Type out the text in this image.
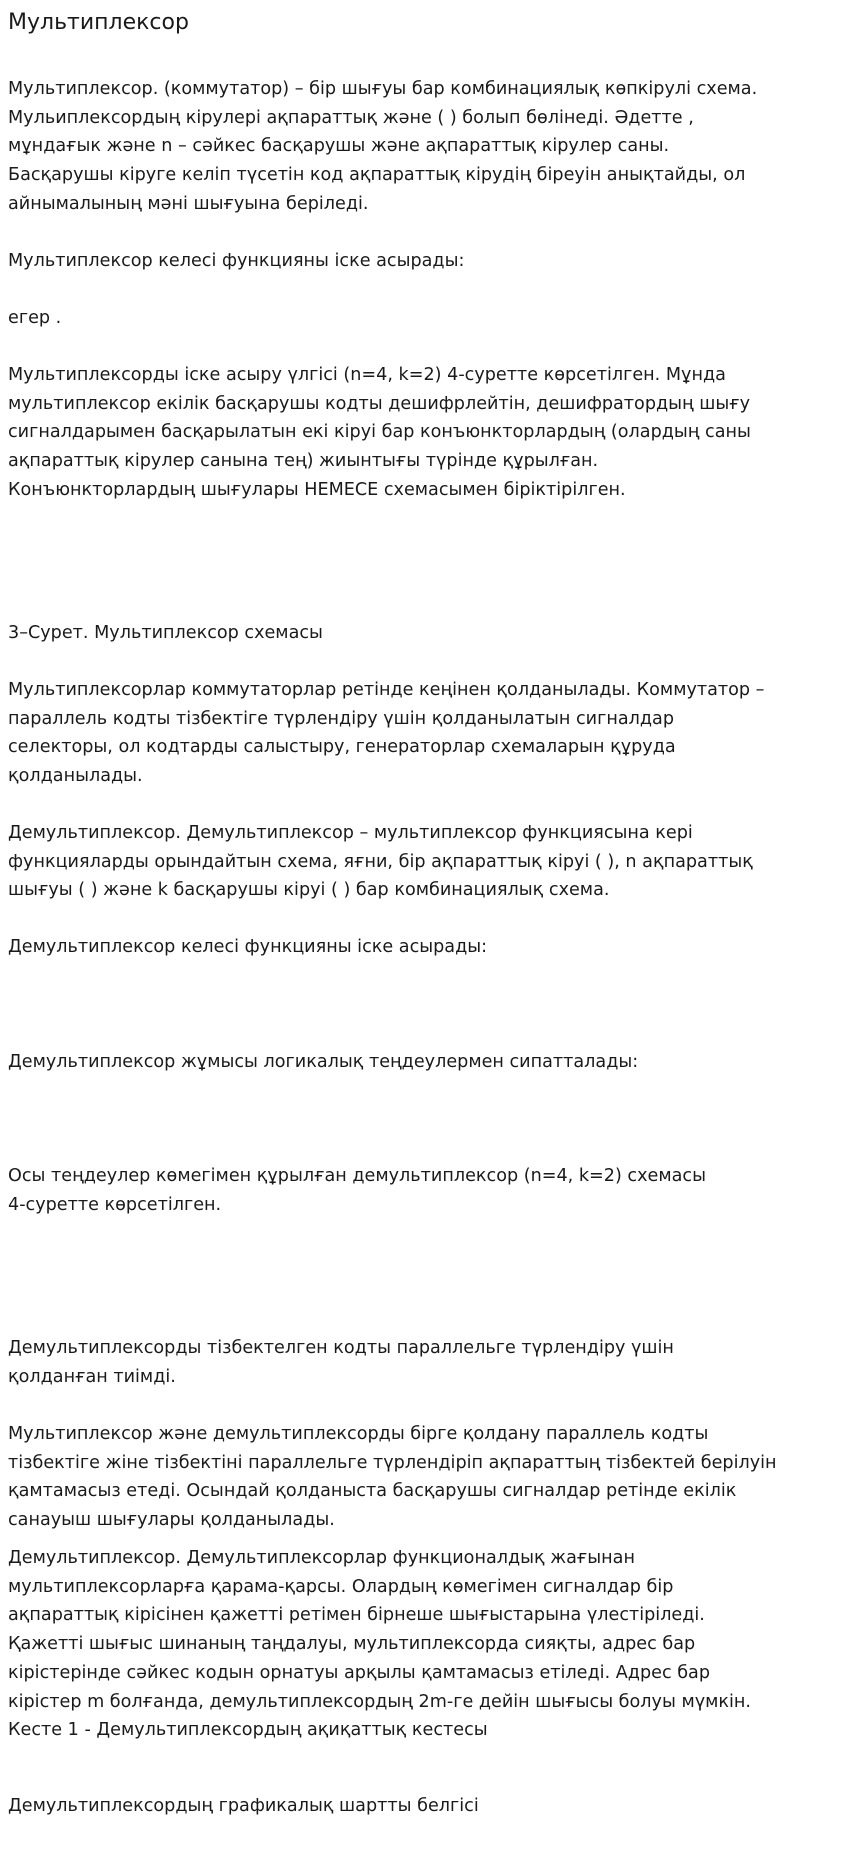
Мультиплексор

Мультиплексор. (коммутатор) – бір шығуы бар комбинациялық көпкірулі схема.
Мульиплексордың кірулері ақпараттық және ( ) болып бөлінеді. Әдетте ,
мұндағык және n – сәйкес басқарушы және ақпараттық кірулер саны.
Басқарушы кіруге келіп түсетін код ақпараттық кірудің біреуін анықтайды, ол
айнымалының мәні шығуына беріледі.

Мультиплексор келесі функцияны іске асырады:

егер .

Мультиплексорды іске асыру үлгісі (n=4, k=2) 4-суретте көрсетілген. Мұнда
мультиплексор екілік басқарушы кодты дешифрлейтін, дешифратордың шығу
сигналдарымен басқарылатын екі кіруі бар конъюнкторлардың (олардың саны
ақпараттық кірулер санына тең) жиынтығы түрінде құрылған.
Конъюнкторлардың шығулары НЕМЕСЕ схемасымен біріктірілген.

3–Сурет. Мультиплексор схемасы

Мультиплексорлар коммутаторлар ретінде кеңінен қолданылады. Коммутатор –
параллель кодты тізбектіге түрлендіру үшін қолданылатын сигналдар
селекторы, ол кодтарды салыстыру, генераторлар схемаларын құруда
қолданылады.

Демультиплексор. Демультиплексор – мультиплексор функциясына кері
функцияларды орындайтын схема, яғни, бір ақпараттық кіруі ( ), n ақпараттық
шығуы ( ) және k басқарушы кіруі ( ) бар комбинациялық схема.

Демультиплексор келесі функцияны іске асырады:

Демультиплексор жұмысы логикалық теңдеулермен сипатталады:

Осы теңдеулер көмегімен құрылған демультиплексор (n=4, k=2) схемасы
4-суретте көрсетілген.

Демультиплексорды тізбектелген кодты параллельге түрлендіру үшін
қолданған тиімді.

Мультиплексор және демультиплексорды бірге қолдану параллель кодты
тізбектіге жіне тізбектіні параллельге түрлендіріп ақпараттың тізбектей берілуін
қамтамасыз етеді. Осындай қолданыста басқарушы сигналдар ретінде екілік
санауыш шығулары қолданылады.

Демультиплексор. Демультиплексорлар функционалдық жағынан
мультиплексорларға қарама-қарсы. Олардың көмегімен сигналдар бір
ақпараттық кірісінен қажетті ретімен бірнеше шығыстарына үлестіріледі.
Қажетті шығыс шинаның таңдалуы, мультиплексорда сияқты, адрес бар
кірістерінде сәйкес кодын орнатуы арқылы қамтамасыз етіледі. Адрес бар
кірістер m болғанда, демультиплексордың 2m-ге дейін шығысы болуы мүмкін.
Кесте 1 - Демультиплексордың ақиқаттық кестесы

Демультиплексордың графикалық шартты белгісі
